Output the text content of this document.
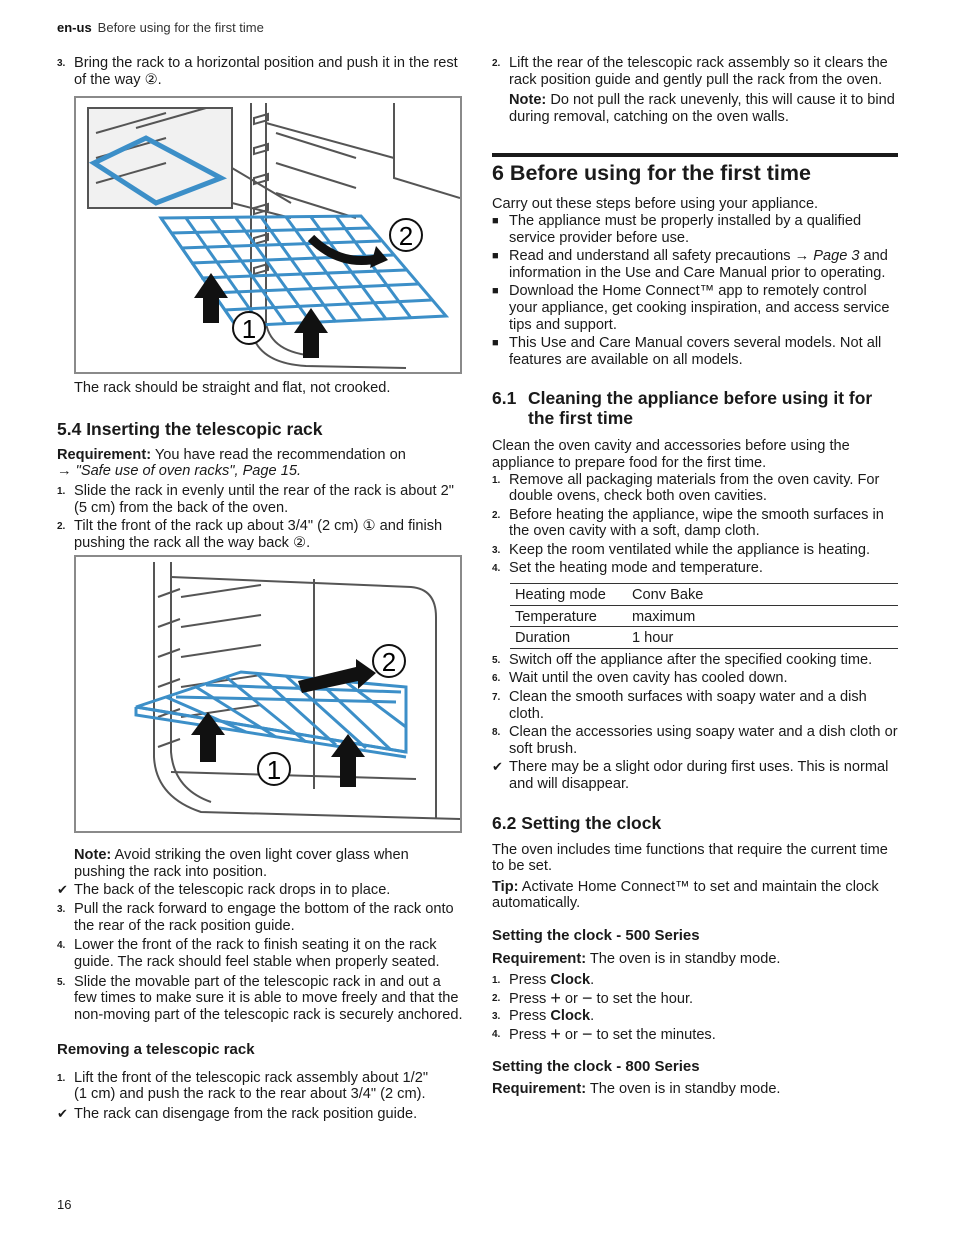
en-us Before using for the first time
3. Bring the rack to a horizontal position and push it in the rest of the way ②.
1
2
The rack should be straight and flat, not crooked.
5.4 Inserting the telescopic rack
Requirement: You have read the recommendation on
→ "Safe use of oven racks", Page 15.
1. Slide the rack in evenly until the rear of the rack is about 2" (5 cm) from the back of the oven.
2. Tilt the front of the rack up about 3/4" (2 cm) ① and finish pushing the rack all the way back ②.
1
2
Note: Avoid striking the oven light cover glass when pushing the rack into position.
✔ The back of the telescopic rack drops in to place.
3. Pull the rack forward to engage the bottom of the rack onto the rear of the rack position guide.
4. Lower the front of the rack to finish seating it on the rack guide. The rack should feel stable when properly seated.
5. Slide the movable part of the telescopic rack in and out a few times to make sure it is able to move freely and that the non-moving part of the telescopic rack is securely anchored.
Removing a telescopic rack
1. Lift the front of the telescopic rack assembly about 1/2" (1 cm) and push the rack to the rear about 3/4" (2 cm).
✔ The rack can disengage from the rack position guide.
2. Lift the rear of the telescopic rack assembly so it clears the rack position guide and gently pull the rack from the oven.
Note: Do not pull the rack unevenly, this will cause it to bind during removal, catching on the oven walls.
6 Before using for the first time
Carry out these steps before using your appliance.
■ The appliance must be properly installed by a qualified service provider before use.
■ Read and understand all safety precautions → Page 3 and information in the Use and Care Manual prior to operating.
■ Download the Home Connect™ app to remotely control your appliance, get cooking inspiration, and access service tips and support.
■ This Use and Care Manual covers several models. Not all features are available on all models.
6.1 Cleaning the appliance before using it for the first time
Clean the oven cavity and accessories before using the appliance to prepare food for the first time.
1. Remove all packaging materials from the oven cavity. For double ovens, check both oven cavities.
2. Before heating the appliance, wipe the smooth surfaces in the oven cavity with a soft, damp cloth.
3. Keep the room ventilated while the appliance is heating.
4. Set the heating mode and temperature.
Heating mode	Conv Bake
Temperature	maximum
Duration	1 hour
5. Switch off the appliance after the specified cooking time.
6. Wait until the oven cavity has cooled down.
7. Clean the smooth surfaces with soapy water and a dish cloth.
8. Clean the accessories using soapy water and a dish cloth or soft brush.
✔ There may be a slight odor during first uses. This is normal and will disappear.
6.2 Setting the clock
The oven includes time functions that require the current time to be set.
Tip: Activate Home Connect™ to set and maintain the clock automatically.
Setting the clock - 500 Series
Requirement: The oven is in standby mode.
1. Press Clock.
2. Press + or − to set the hour.
3. Press Clock.
4. Press + or − to set the minutes.
Setting the clock - 800 Series
Requirement: The oven is in standby mode.
16
